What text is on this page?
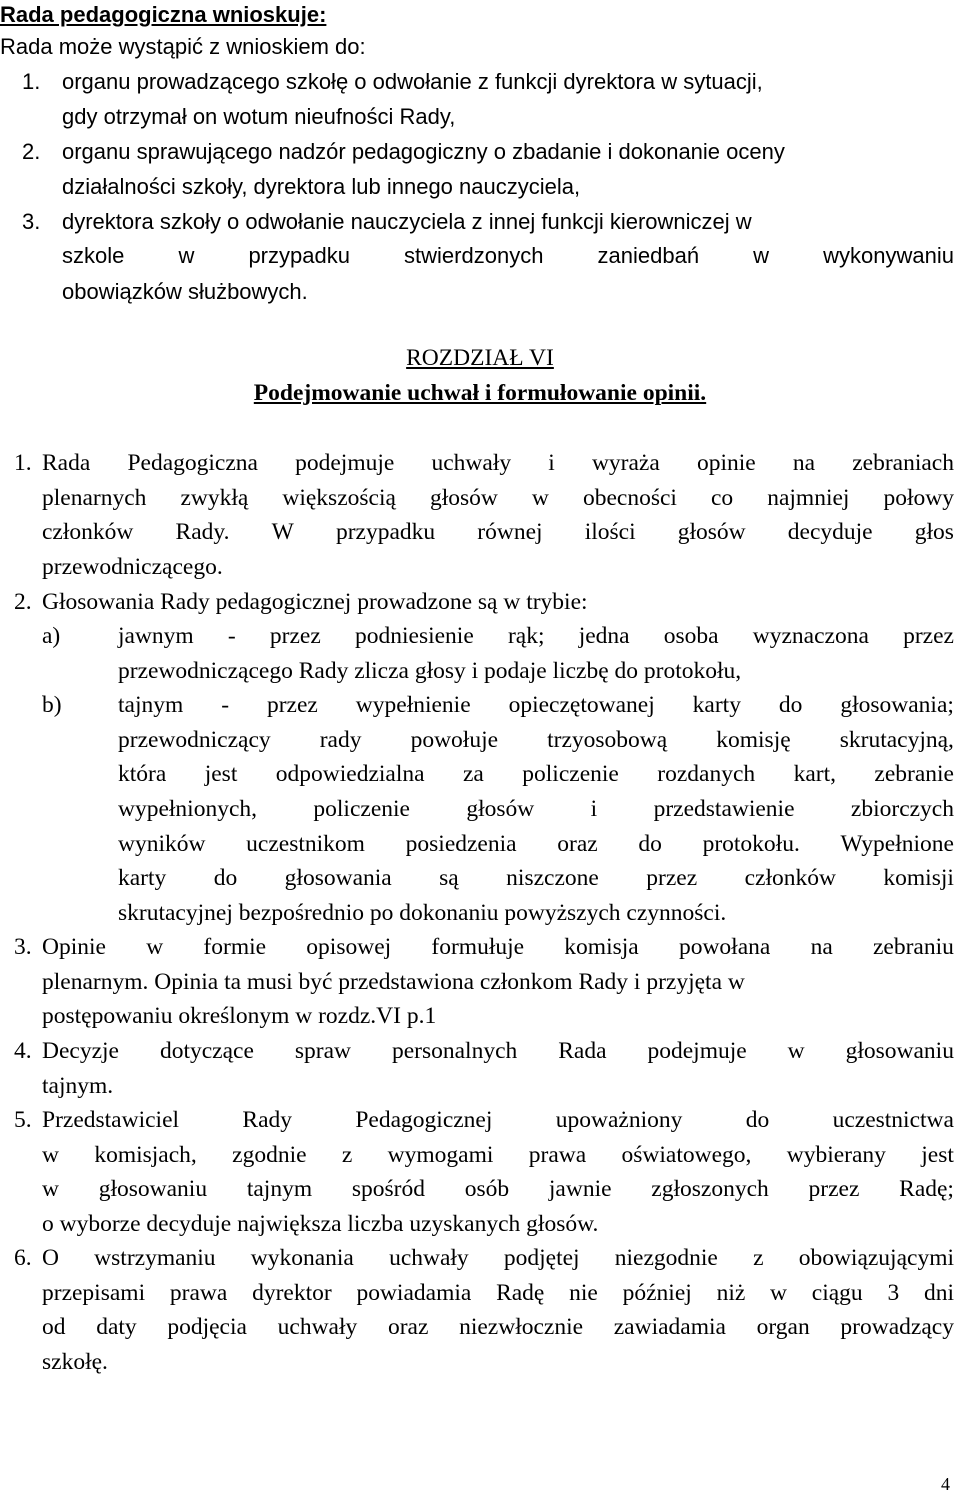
Rada pedagogiczna wnioskuje:
Rada może wystąpić z wnioskiem do:
1. organu prowadzącego szkołę o odwołanie z funkcji dyrektora w sytuacji,
gdy otrzymał on wotum nieufności Rady,
2. organu sprawującego nadzór pedagogiczny o zbadanie i dokonanie oceny
działalności szkoły, dyrektora lub innego nauczyciela,
3. dyrektora szkoły o odwołanie nauczyciela z innej funkcji kierowniczej w
szkole w przypadku stwierdzonych zaniedbań w wykonywaniu
obowiązków służbowych.
ROZDZIAŁ VI
Podejmowanie uchwał i formułowanie opinii.
1. Rada Pedagogiczna podejmuje uchwały i wyraża opinie na zebraniach
plenarnych zwykłą większością głosów w obecności co najmniej połowy
członków Rady. W przypadku równej ilości głosów decyduje głos
przewodniczącego.
2. Głosowania Rady pedagogicznej prowadzone są w trybie:
a) jawnym - przez podniesienie rąk; jedna osoba wyznaczona przez
przewodniczącego Rady zlicza głosy i podaje liczbę do protokołu,
b) tajnym - przez wypełnienie opieczętowanej karty do głosowania;
przewodniczący rady powołuje trzyosobową komisję skrutacyjną,
która jest odpowiedzialna za policzenie rozdanych kart, zebranie
wypełnionych, policzenie głosów i przedstawienie zbiorczych
wyników uczestnikom posiedzenia oraz do protokołu. Wypełnione
karty do głosowania są niszczone przez członków komisji
skrutacyjnej bezpośrednio po dokonaniu powyższych czynności.
3. Opinie w formie opisowej formułuje komisja powołana na zebraniu
plenarnym. Opinia ta musi być przedstawiona członkom Rady i przyjęta w
postępowaniu określonym w rozdz.VI p.1
4. Decyzje dotyczące spraw personalnych Rada podejmuje w głosowaniu
tajnym.
5. Przedstawiciel	Rady	Pedagogicznej	upoważniony	do	uczestnictwa
w komisjach, zgodnie z wymogami prawa oświatowego, wybierany jest
w głosowaniu tajnym spośród osób jawnie zgłoszonych przez Radę;
o wyborze decyduje największa liczba uzyskanych głosów.
6. O wstrzymaniu wykonania uchwały podjętej niezgodnie z obowiązującymi
przepisami prawa dyrektor powiadamia Radę nie później niż w ciągu 3 dni
od daty podjęcia uchwały oraz niezwłocznie zawiadamia organ prowadzący
szkołę.
4
